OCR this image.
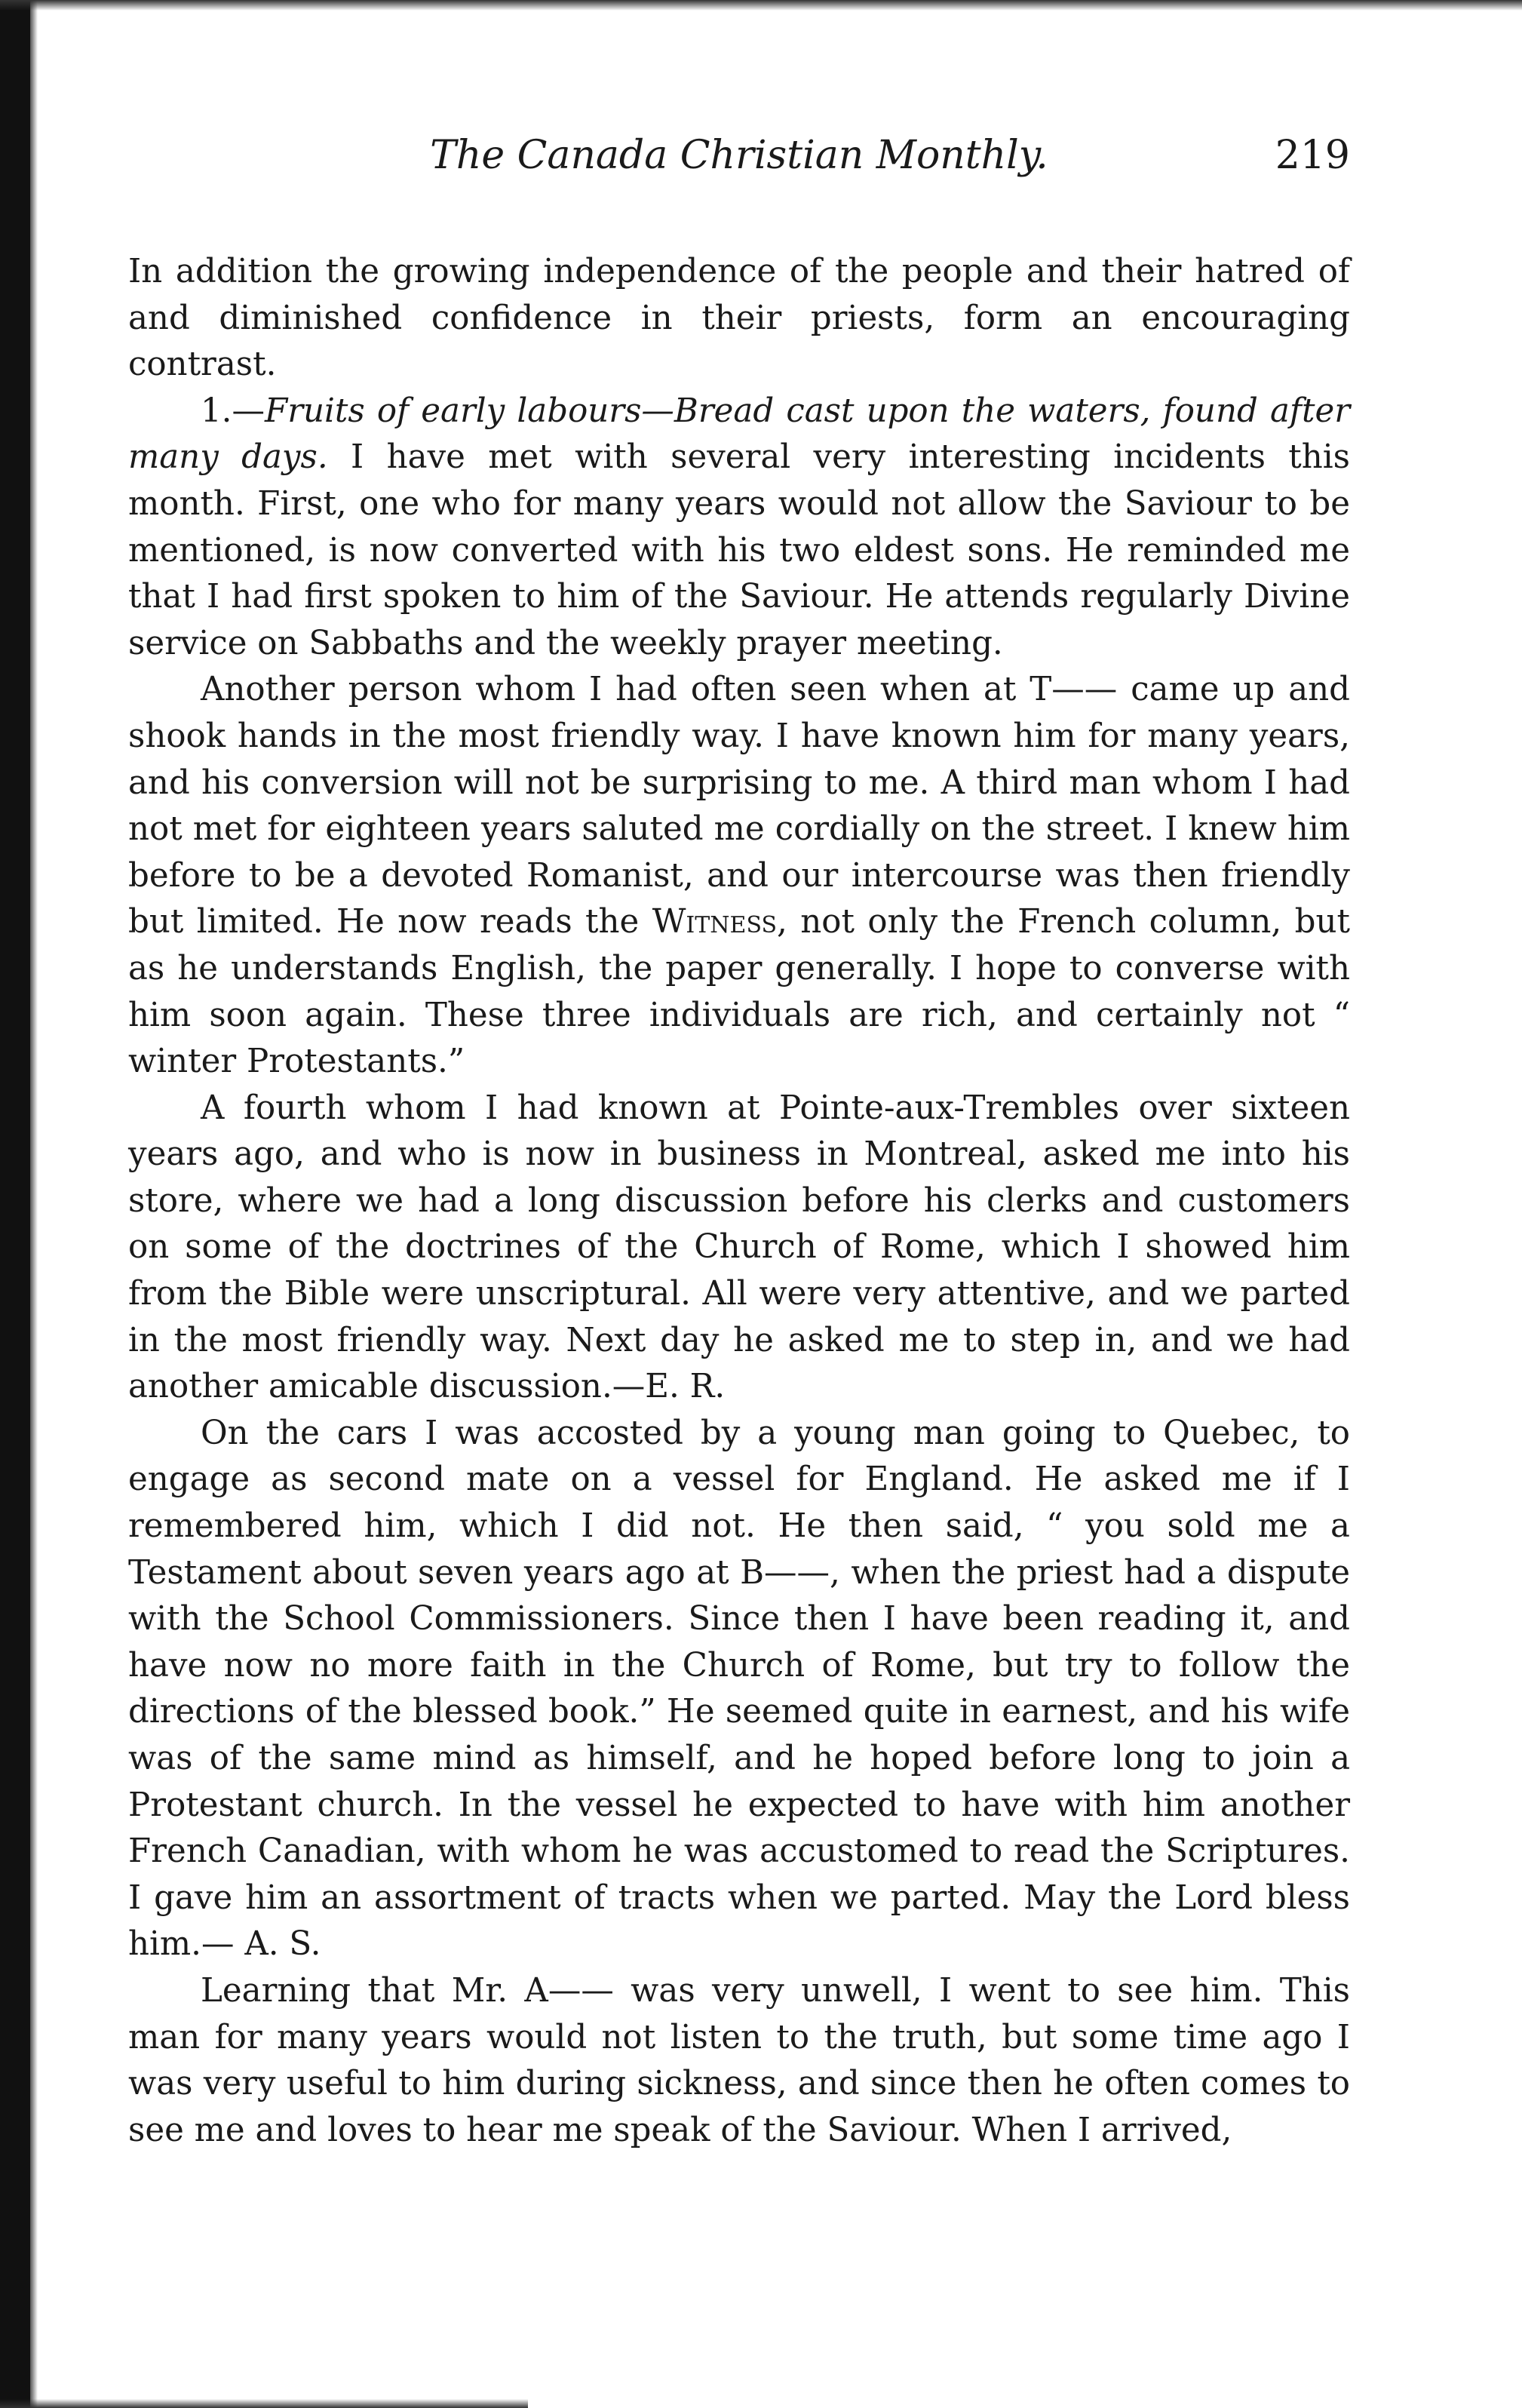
The Canada Christian Monthly.	219

In addition the growing independence of the people and their hatred of and diminished confidence in their priests, form an encouraging contrast.

1.—Fruits of early labours—Bread cast upon the waters, found after many days. I have met with several very interesting incidents this month. First, one who for many years would not allow the Saviour to be mentioned, is now converted with his two eldest sons. He reminded me that I had first spoken to him of the Saviour. He attends regularly Divine service on Sabbaths and the weekly prayer meeting.

Another person whom I had often seen when at T—— came up and shook hands in the most friendly way. I have known him for many years, and his conversion will not be surprising to me. A third man whom I had not met for eighteen years saluted me cordially on the street. I knew him before to be a devoted Romanist, and our intercourse was then friendly but limited. He now reads the Witness, not only the French column, but as he understands English, the paper generally. I hope to converse with him soon again. These three individuals are rich, and certainly not “ winter Protestants.”

A fourth whom I had known at Pointe-aux-Trembles over sixteen years ago, and who is now in business in Montreal, asked me into his store, where we had a long discussion before his clerks and customers on some of the doctrines of the Church of Rome, which I showed him from the Bible were unscriptural. All were very attentive, and we parted in the most friendly way. Next day he asked me to step in, and we had another amicable discussion.—E. R.

On the cars I was accosted by a young man going to Quebec, to engage as second mate on a vessel for England. He asked me if I remembered him, which I did not. He then said, “ you sold me a Testament about seven years ago at B——, when the priest had a dispute with the School Commissioners. Since then I have been reading it, and have now no more faith in the Church of Rome, but try to follow the directions of the blessed book.” He seemed quite in earnest, and his wife was of the same mind as himself, and he hoped before long to join a Protestant church. In the vessel he expected to have with him another French Canadian, with whom he was accustomed to read the Scriptures. I gave him an assortment of tracts when we parted. May the Lord bless him.— A. S.

Learning that Mr. A—— was very unwell, I went to see him. This man for many years would not listen to the truth, but some time ago I was very useful to him during sickness, and since then he often comes to see me and loves to hear me speak of the Saviour. When I arrived,
